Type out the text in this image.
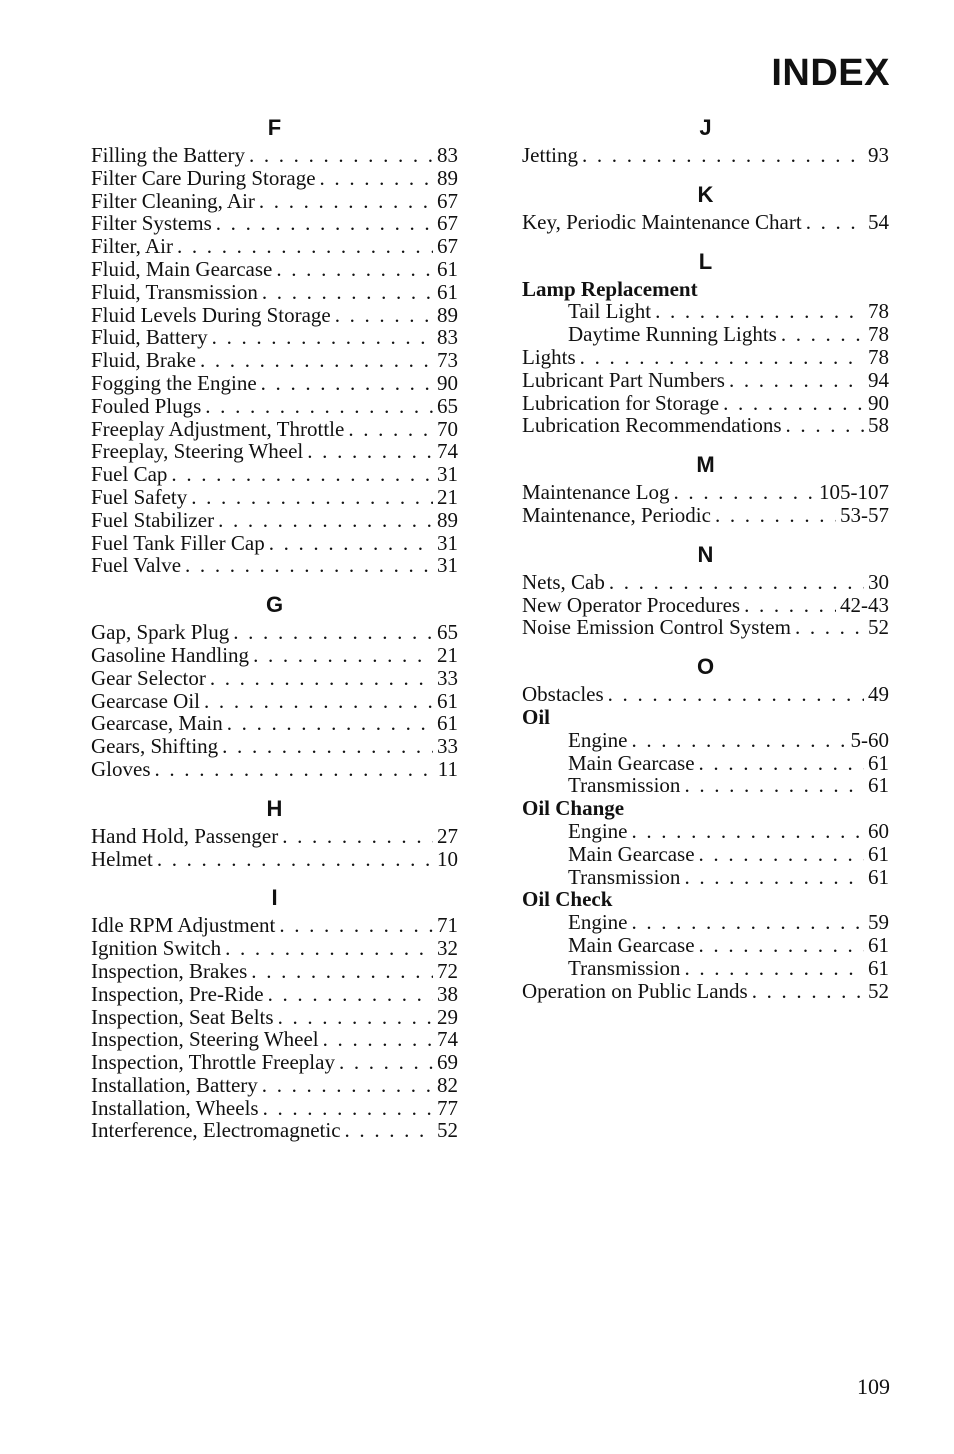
INDEX
F
Filling the Battery . . .	83
Filter Care During Storage . . .	89
Filter Cleaning, Air . . .	67
Filter Systems . . .	67
Filter, Air . . .	67
Fluid, Main Gearcase . . .	61
Fluid, Transmission . . .	61
Fluid Levels During Storage . . .	89
Fluid, Battery . . .	83
Fluid, Brake . . .	73
Fogging the Engine . . .	90
Fouled Plugs . . .	65
Freeplay Adjustment, Throttle . . .	70
Freeplay, Steering Wheel . . .	74
Fuel Cap . . .	31
Fuel Safety . . .	21
Fuel Stabilizer . . .	89
Fuel Tank Filler Cap . . .	31
Fuel Valve . . .	31
G
Gap, Spark Plug . . .	65
Gasoline Handling . . .	21
Gear Selector . . .	33
Gearcase Oil . . .	61
Gearcase, Main . . .	61
Gears, Shifting . . .	33
Gloves . . .	11
H
Hand Hold, Passenger . . .	27
Helmet . . .	10
I
Idle RPM Adjustment . . .	71
Ignition Switch . . .	32
Inspection, Brakes . . .	72
Inspection, Pre-Ride . . .	38
Inspection, Seat Belts . . .	29
Inspection, Steering Wheel . . .	74
Inspection, Throttle Freeplay . . .	69
Installation, Battery . . .	82
Installation, Wheels . . .	77
Interference, Electromagnetic . . .	52
J
Jetting . . .	93
K
Key, Periodic Maintenance Chart . . .	54
L
Lamp Replacement
Tail Light . . .	78
Daytime Running Lights . . .	78
Lights . . .	78
Lubricant Part Numbers . . .	94
Lubrication for Storage . . .	90
Lubrication Recommendations . . .	58
M
Maintenance Log . . .	105-107
Maintenance, Periodic . . .	53-57
N
Nets, Cab . . .	30
New Operator Procedures . . .	42-43
Noise Emission Control System . . .	52
O
Obstacles . . .	49
Oil
Engine . . .	5-60
Main Gearcase . . .	61
Transmission . . .	61
Oil Change
Engine . . .	60
Main Gearcase . . .	61
Transmission . . .	61
Oil Check
Engine . . .	59
Main Gearcase . . .	61
Transmission . . .	61
Operation on Public Lands . . .	52
109
